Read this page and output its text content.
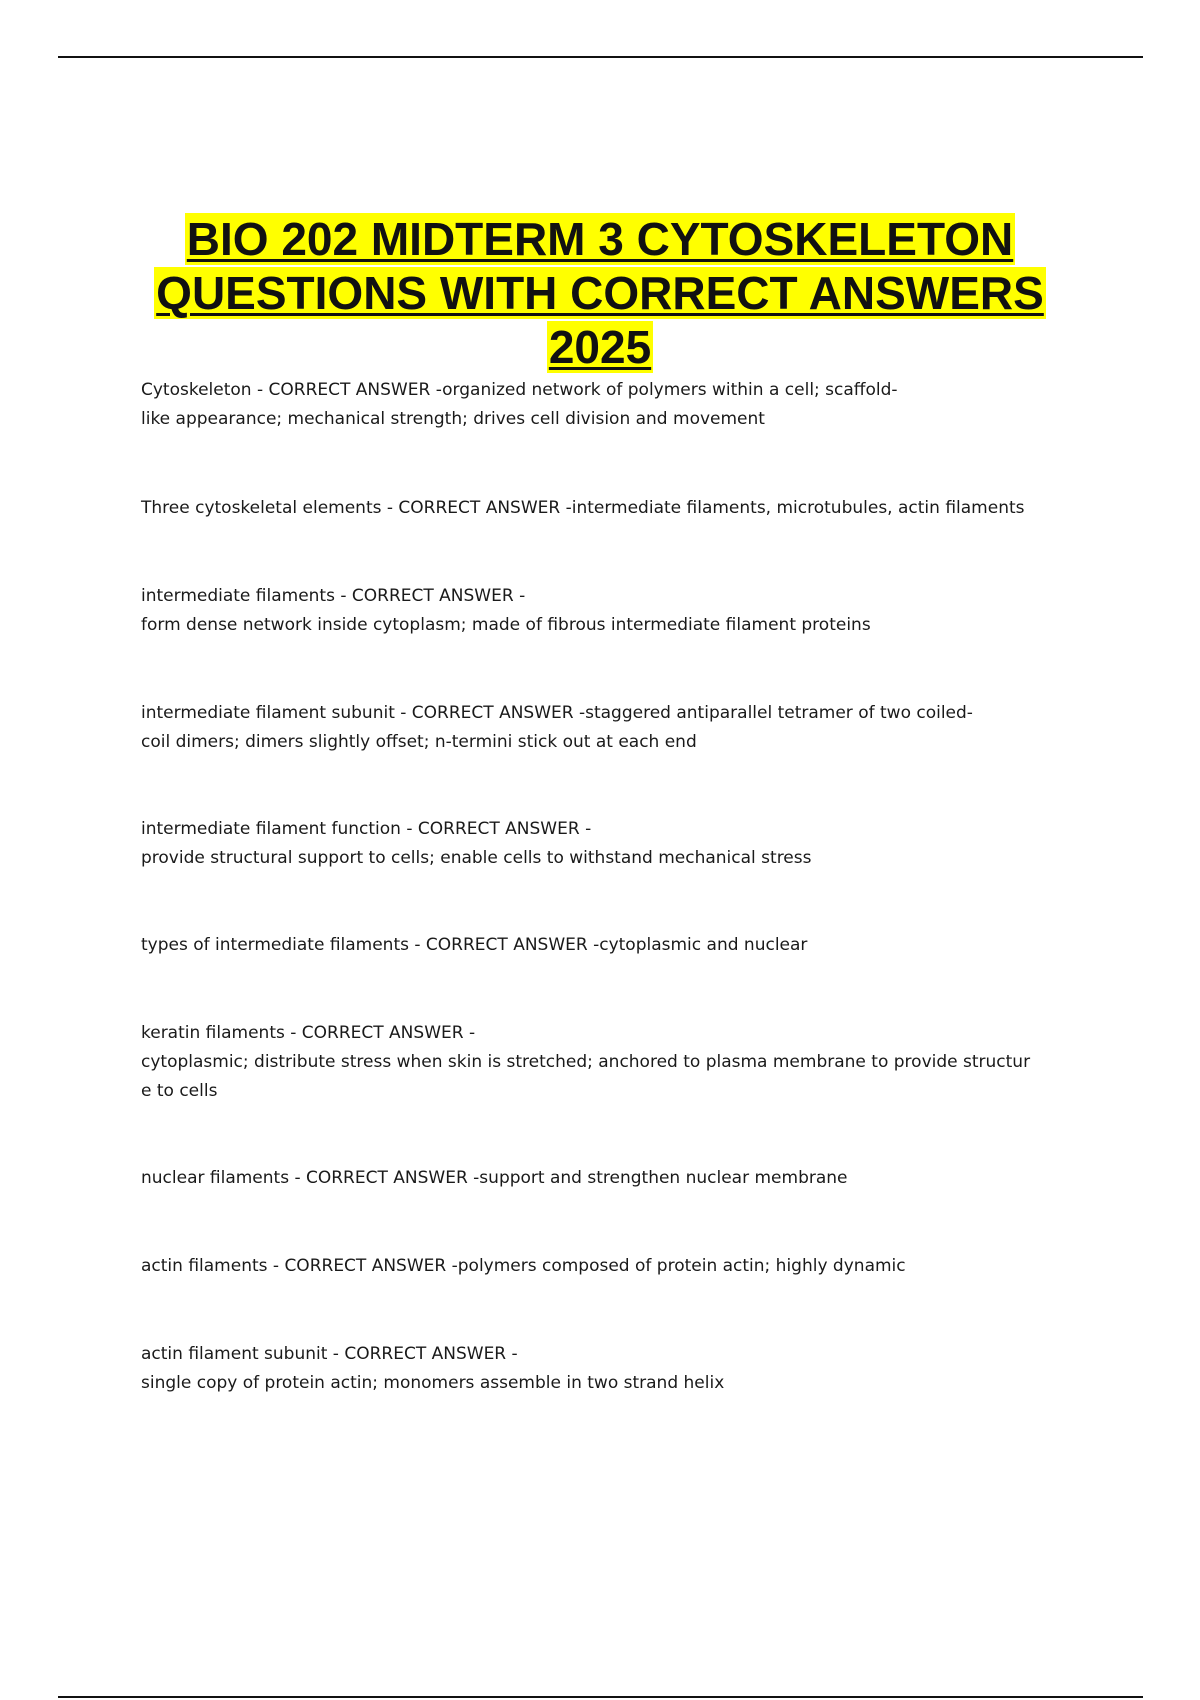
BIO 202 MIDTERM 3 CYTOSKELETON
QUESTIONS WITH CORRECT ANSWERS
2025

Cytoskeleton - CORRECT ANSWER -organized network of polymers within a cell; scaffold-

like appearance; mechanical strength; drives cell division and movement

Three cytoskeletal elements - CORRECT ANSWER -intermediate filaments, microtubules, actin filaments

intermediate filaments - CORRECT ANSWER -

form dense network inside cytoplasm; made of fibrous intermediate filament proteins

intermediate filament subunit - CORRECT ANSWER -staggered antiparallel tetramer of two coiled-

coil dimers; dimers slightly offset; n-termini stick out at each end

intermediate filament function - CORRECT ANSWER -

provide structural support to cells; enable cells to withstand mechanical stress

types of intermediate filaments - CORRECT ANSWER -cytoplasmic and nuclear

keratin filaments - CORRECT ANSWER -

cytoplasmic; distribute stress when skin is stretched; anchored to plasma membrane to provide structur

e to cells

nuclear filaments - CORRECT ANSWER -support and strengthen nuclear membrane

actin filaments - CORRECT ANSWER -polymers composed of protein actin; highly dynamic

actin filament subunit - CORRECT ANSWER -

single copy of protein actin; monomers assemble in two strand helix
